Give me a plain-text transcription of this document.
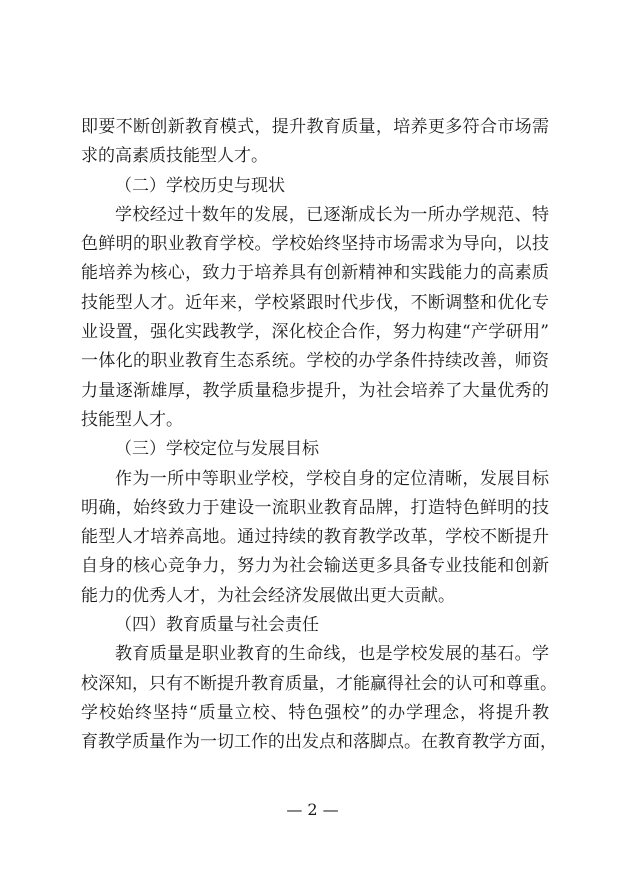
即要不断创新教育模式，提升教育质量，培养更多符合市场需
求的高素质技能型人才。
（二）学校历史与现状
学校经过十数年的发展，已逐渐成长为一所办学规范、特
色鲜明的职业教育学校。学校始终坚持市场需求为导向，以技
能培养为核心，致力于培养具有创新精神和实践能力的高素质
技能型人才。近年来，学校紧跟时代步伐，不断调整和优化专
业设置，强化实践教学，深化校企合作，努力构建“产学研用”
一体化的职业教育生态系统。学校的办学条件持续改善，师资
力量逐渐雄厚，教学质量稳步提升，为社会培养了大量优秀的
技能型人才。
（三）学校定位与发展目标
作为一所中等职业学校，学校自身的定位清晰，发展目标
明确，始终致力于建设一流职业教育品牌，打造特色鲜明的技
能型人才培养高地。通过持续的教育教学改革，学校不断提升
自身的核心竞争力，努力为社会输送更多具备专业技能和创新
能力的优秀人才，为社会经济发展做出更大贡献。
（四）教育质量与社会责任
教育质量是职业教育的生命线，也是学校发展的基石。学
校深知，只有不断提升教育质量，才能赢得社会的认可和尊重。
学校始终坚持“质量立校、特色强校”的办学理念，将提升教
育教学质量作为一切工作的出发点和落脚点。在教育教学方面，
— 2 —
